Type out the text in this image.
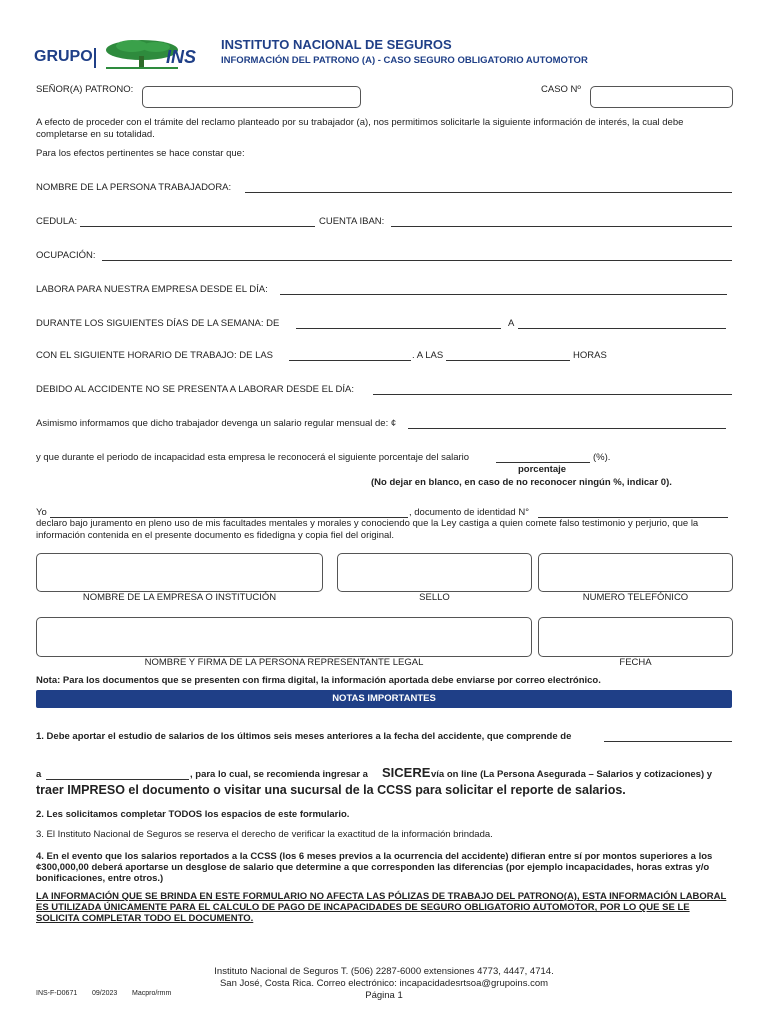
GRUPO	INS
INSTITUTO NACIONAL DE SEGUROS
INFORMACIÓN DEL PATRONO (A) - CASO SEGURO OBLIGATORIO AUTOMOTOR
SEÑOR(A) PATRONO:	CASO Nº
A efecto de proceder con el trámite del reclamo planteado por su trabajador (a), nos permitimos solicitarle la siguiente información de interés, la cual debe completarse en su totalidad.
Para los efectos pertinentes se hace constar que:
NOMBRE DE LA PERSONA TRABAJADORA:
CEDULA:	CUENTA IBAN:
OCUPACIÓN:
LABORA PARA NUESTRA EMPRESA DESDE EL DÍA:
DURANTE LOS SIGUIENTES DÍAS DE LA SEMANA: DE	A
CON EL SIGUIENTE HORARIO DE TRABAJO: DE LAS	. A LAS	HORAS
DEBIDO AL ACCIDENTE NO SE PRESENTA A LABORAR DESDE EL DÍA:
Asimismo informamos que dicho trabajador devenga un salario regular mensual de: ¢
y que durante el periodo de incapacidad esta empresa le reconocerá el siguiente porcentaje del salario	(%).
porcentaje
(No dejar en blanco, en caso de no reconocer ningún %, indicar 0).
Yo	, documento de identidad N°
declaro bajo juramento en pleno uso de mis facultades mentales y morales y conociendo que la Ley castiga a quien comete falso testimonio y perjurio, que la información contenida en el presente documento es fidedigna y copia fiel del original.
NOMBRE DE LA EMPRESA O INSTITUCIÓN	SELLO	NUMERO TELEFÓNICO
NOMBRE Y FIRMA DE LA PERSONA REPRESENTANTE LEGAL	FECHA
Nota: Para los documentos que se presenten con firma digital, la información aportada debe enviarse por correo electrónico.
NOTAS IMPORTANTES
1. Debe aportar el estudio de salarios de los últimos seis meses anteriores a la fecha del accidente, que comprende de
a	, para lo cual, se recomienda ingresar a SICERE vía on line (La Persona Asegurada – Salarios y cotizaciones) y
traer IMPRESO el documento o visitar una sucursal de la CCSS para solicitar el reporte de salarios.
2. Les solicitamos completar TODOS los espacios de este formulario.
3. El Instituto Nacional de Seguros se reserva el derecho de verificar la exactitud de la información brindada.
4. En el evento que los salarios reportados a la CCSS (los 6 meses previos a la ocurrencia del accidente) difieran entre sí por montos superiores a los ¢300,000,00 deberá aportarse un desglose de salario que determine a que corresponden las diferencias (por ejemplo incapacidades, horas extras y/o bonificaciones, entre otros.)
LA INFORMACIÓN QUE SE BRINDA EN ESTE FORMULARIO NO AFECTA LAS PÓLIZAS DE TRABAJO DEL PATRONO(A), ESTA INFORMACIÓN LABORAL ES UTILIZADA ÚNICAMENTE PARA EL CALCULO DE PAGO DE INCAPACIDADES DE SEGURO OBLIGATORIO AUTOMOTOR, POR LO QUE SE LE SOLICITA COMPLETAR TODO EL DOCUMENTO.
Instituto Nacional de Seguros T. (506) 2287-6000 extensiones 4773, 4447, 4714.
San José, Costa Rica. Correo electrónico: incapacidadesrtsoa@grupoins.com
Página 1
INS-F-D0671 09/2023 Macpro/rmm
